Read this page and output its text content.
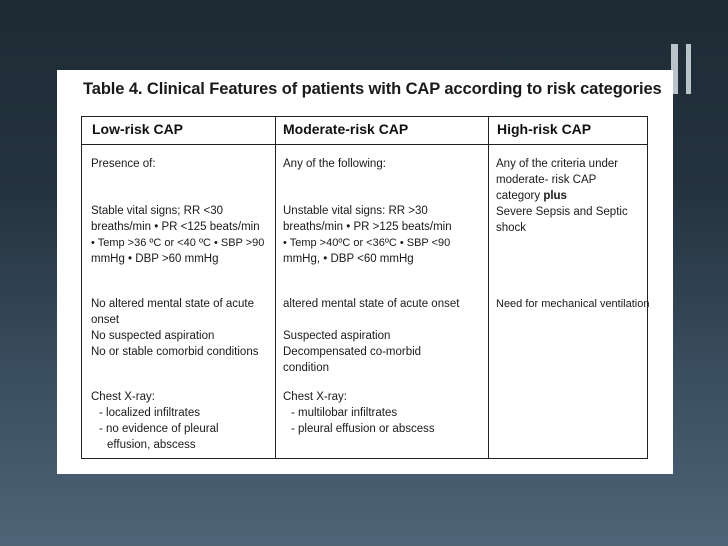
Table 4. Clinical Features of patients with CAP according to risk categories
Low-risk CAP	Moderate-risk CAP	High-risk CAP
Presence of:
Stable vital signs; RR <30
breaths/min • PR <125 beats/min
• Temp >36 ºC or <40 ºC • SBP >90
mmHg • DBP >60 mmHg
No altered mental state of acute
onset
No suspected aspiration
No or stable comorbid conditions
Chest X-ray:
- localized infiltrates
- no evidence of pleural
effusion, abscess
Any of the following:
Unstable vital signs: RR >30
breaths/min • PR >125 beats/min
• Temp >40ºC or <36ºC • SBP <90
mmHg, • DBP <60 mmHg
altered mental state of acute onset
Suspected aspiration
Decompensated co-morbid
condition
Chest X-ray:
- multilobar infiltrates
- pleural effusion or abscess
Any of the criteria under
moderate- risk CAP
category plus
Severe Sepsis and Septic
shock
Need for mechanical ventilation
